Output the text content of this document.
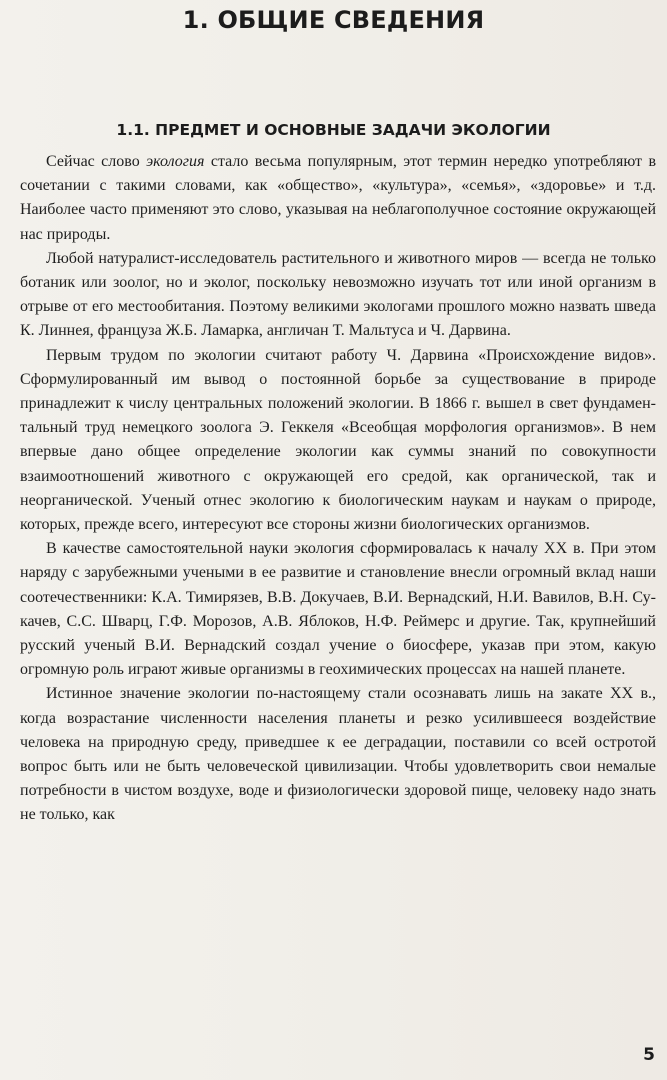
1. ОБЩИЕ СВЕДЕНИЯ
1.1. ПРЕДМЕТ И ОСНОВНЫЕ ЗАДАЧИ ЭКОЛОГИИ

Сейчас слово экология стало весьма популярным, этот термин нередко употребляют в сочетании с такими словами, как «общество», «культура», «семья», «здоровье» и т.д. Наиболее часто применяют это слово, указывая на неблагополучное состояние окружающей нас природы.

Любой натуралист-исследователь растительного и животного миров — всегда не только ботаник или зоолог, но и эколог, поскольку невозможно изучать тот или иной организм в отрыве от его местообитания. Поэтому великими экологами прошлого можно назвать шведа К. Линнея, француза Ж.Б. Ламарка, англичан Т. Мальтуса и Ч. Дарвина.

Первым трудом по экологии считают работу Ч. Дарвина «Происхождение видов». Сформулированный им вывод о постоянной борьбе за существование в природе принадлежит к числу центральных положений экологии. В 1866 г. вышел в свет фундаментальный труд немецкого зоолога Э. Геккеля «Всеобщая морфология организмов». В нем впервые дано общее определение экологии как суммы знаний по совокупности взаимоотношений животного с окружающей его средой, как органической, так и неорганической. Ученый отнес экологию к биологическим наукам и наукам о природе, которых, прежде всего, интересуют все стороны жизни биологических организмов.

В качестве самостоятельной науки экология сформировалась к началу XX в. При этом наряду с зарубежными учеными в ее развитие и становление внесли огромный вклад наши соотечественники: К.А. Тимирязев, В.В. Докучаев, В.И. Вернадский, Н.И. Вавилов, В.Н. Сукачев, С.С. Шварц, Г.Ф. Морозов, А.В. Яблоков, Н.Ф. Реймерс и другие. Так, крупнейший русский ученый В.И. Вернадский создал учение о биосфере, указав при этом, какую огромную роль играют живые организмы в геохимических процессах на нашей планете.

Истинное значение экологии по-настоящему стали осознавать лишь на закате XX в., когда возрастание численности населения планеты и резко усилившееся воздействие человека на природную среду, приведшее к ее деградации, поставили со всей остротой вопрос быть или не быть человеческой цивилизации. Чтобы удовлетворить свои немалые потребности в чистом воздухе, воде и физиологически здоровой пище, человеку надо знать не только, как

5
